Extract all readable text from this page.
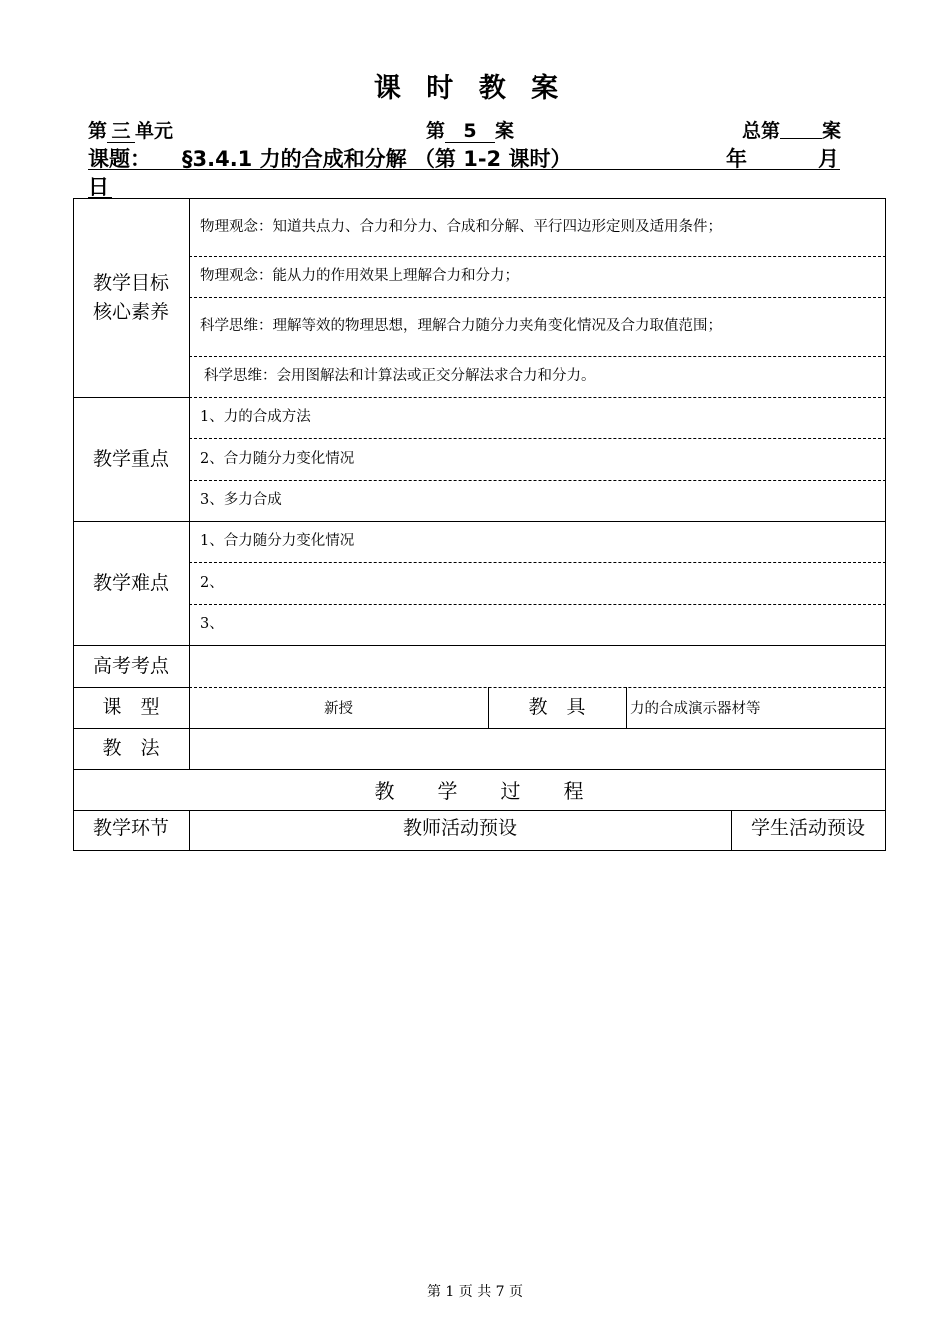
课 时 教 案
第 三 单元	第 5 案	总第 案
课题： §3.4.1 力的合成和分解 （第 1-2 课时）	年	月
日
教学目标
核心素养
物理观念：知道共点力、合力和分力、合成和分解、平行四边形定则及适用条件；
物理观念：能从力的作用效果上理解合力和分力；
科学思维：理解等效的物理思想，理解合力随分力夹角变化情况及合力取值范围；
科学思维：会用图解法和计算法或正交分解法求合力和分力。
教学重点
1、力的合成方法
2、合力随分力变化情况
3、多力合成
教学难点
1、合力随分力变化情况
2、
3、
高考考点
课　型	新授	教　具	力的合成演示器材等
教　法
教　　学　　过　　程
教学环节	教师活动预设	学生活动预设
第 1 页 共 7 页
